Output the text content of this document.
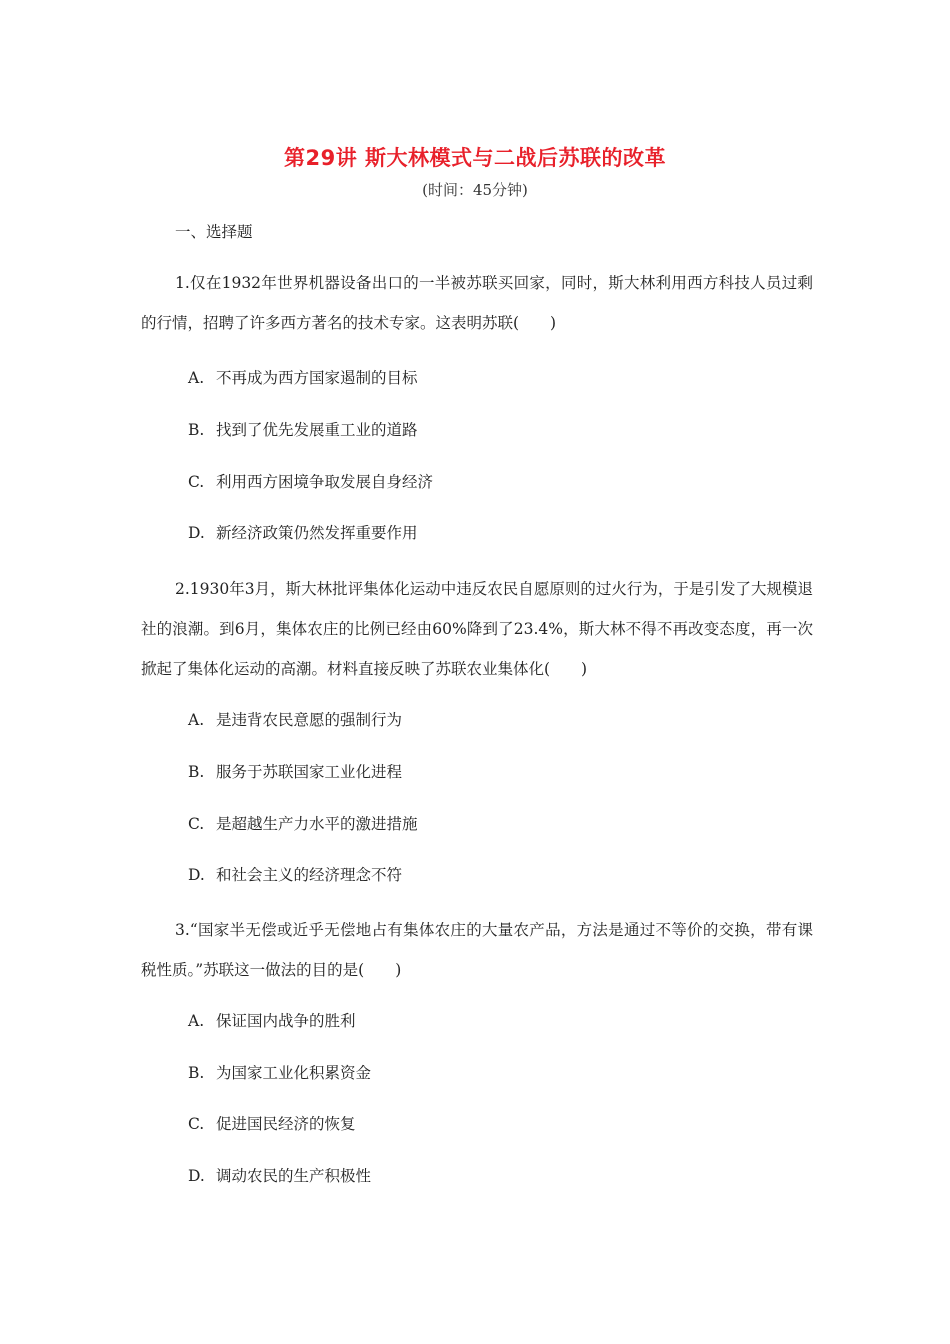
第29讲 斯大林模式与二战后苏联的改革
(时间：45分钟)
一、选择题
1.仅在1932年世界机器设备出口的一半被苏联买回家，同时，斯大林利用西方科技人员过剩的行情，招聘了许多西方著名的技术专家。这表明苏联(　　)
A. 不再成为西方国家遏制的目标
B. 找到了优先发展重工业的道路
C. 利用西方困境争取发展自身经济
D. 新经济政策仍然发挥重要作用
2.1930年3月，斯大林批评集体化运动中违反农民自愿原则的过火行为，于是引发了大规模退社的浪潮。到6月，集体农庄的比例已经由60%降到了23.4%，斯大林不得不再改变态度，再一次掀起了集体化运动的高潮。材料直接反映了苏联农业集体化(　　)
A. 是违背农民意愿的强制行为
B. 服务于苏联国家工业化进程
C. 是超越生产力水平的激进措施
D. 和社会主义的经济理念不符
3.“国家半无偿或近乎无偿地占有集体农庄的大量农产品，方法是通过不等价的交换，带有课税性质。”苏联这一做法的目的是(　　)
A. 保证国内战争的胜利
B. 为国家工业化积累资金
C. 促进国民经济的恢复
D. 调动农民的生产积极性
